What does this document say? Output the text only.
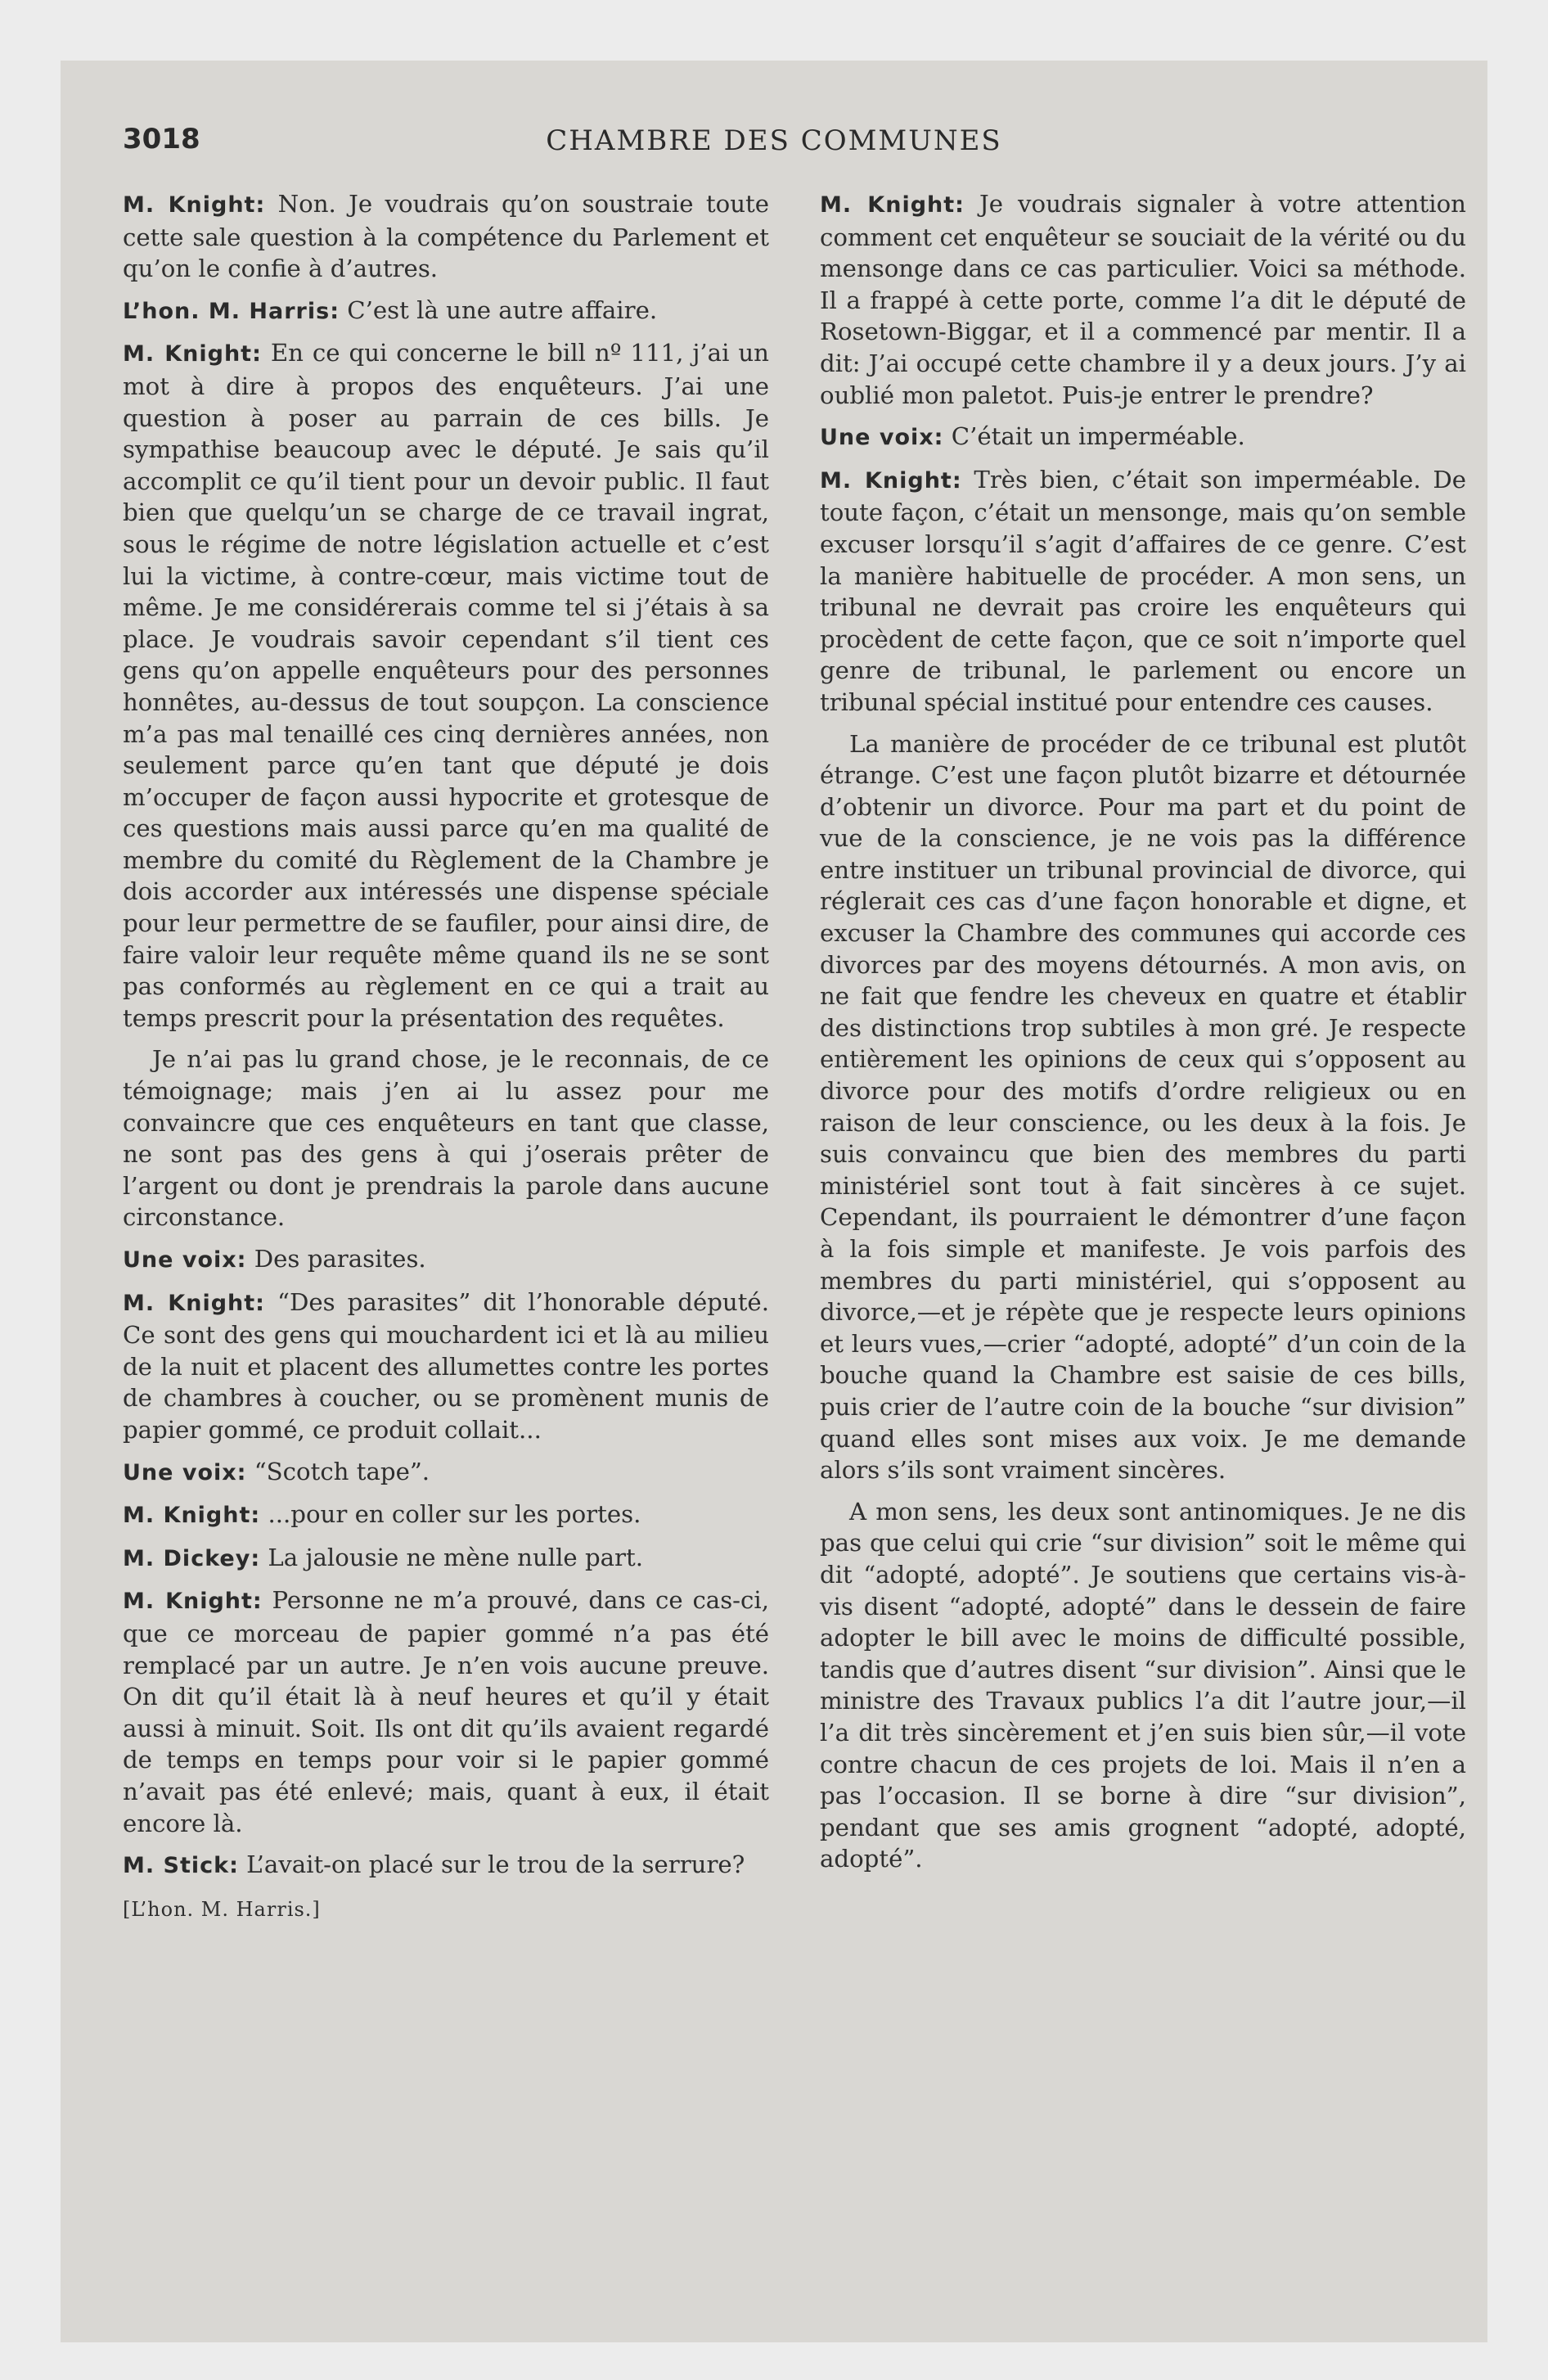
3018	CHAMBRE DES COMMUNES

M. Knight: Non. Je voudrais qu’on soustraie toute cette sale question à la compétence du Parlement et qu’on le confie à d’autres.

L’hon. M. Harris: C’est là une autre affaire.

M. Knight: En ce qui concerne le bill nº 111, j’ai un mot à dire à propos des enquêteurs. J’ai une question à poser au parrain de ces bills. Je sympathise beaucoup avec le député. Je sais qu’il accomplit ce qu’il tient pour un devoir public. Il faut bien que quelqu’un se charge de ce travail ingrat, sous le régime de notre législation actuelle et c’est lui la victime, à contre-cœur, mais victime tout de même. Je me considérerais comme tel si j’étais à sa place. Je voudrais savoir cependant s’il tient ces gens qu’on appelle enquêteurs pour des personnes honnêtes, au-dessus de tout soupçon. La conscience m’a pas mal tenaillé ces cinq dernières années, non seulement parce qu’en tant que député je dois m’occuper de façon aussi hypocrite et grotesque de ces questions mais aussi parce qu’en ma qualité de membre du comité du Règlement de la Chambre je dois accorder aux intéressés une dispense spéciale pour leur permettre de se faufiler, pour ainsi dire, de faire valoir leur requête même quand ils ne se sont pas conformés au règlement en ce qui a trait au temps prescrit pour la présentation des requêtes.

Je n’ai pas lu grand chose, je le reconnais, de ce témoignage; mais j’en ai lu assez pour me convaincre que ces enquêteurs en tant que classe, ne sont pas des gens à qui j’oserais prêter de l’argent ou dont je prendrais la parole dans aucune circonstance.

Une voix: Des parasites.

M. Knight: “Des parasites” dit l’honorable député. Ce sont des gens qui mouchardent ici et là au milieu de la nuit et placent des allumettes contre les portes de chambres à coucher, ou se promènent munis de papier gommé, ce produit collait...

Une voix: “Scotch tape”.

M. Knight: ...pour en coller sur les portes.

M. Dickey: La jalousie ne mène nulle part.

M. Knight: Personne ne m’a prouvé, dans ce cas-ci, que ce morceau de papier gommé n’a pas été remplacé par un autre. Je n’en vois aucune preuve. On dit qu’il était là à neuf heures et qu’il y était aussi à minuit. Soit. Ils ont dit qu’ils avaient regardé de temps en temps pour voir si le papier gommé n’avait pas été enlevé; mais, quant à eux, il était encore là.

M. Stick: L’avait-on placé sur le trou de la serrure?

[L’hon. M. Harris.]

M. Knight: Je voudrais signaler à votre attention comment cet enquêteur se souciait de la vérité ou du mensonge dans ce cas particulier. Voici sa méthode. Il a frappé à cette porte, comme l’a dit le député de Rosetown-Biggar, et il a commencé par mentir. Il a dit: J’ai occupé cette chambre il y a deux jours. J’y ai oublié mon paletot. Puis-je entrer le prendre?

Une voix: C’était un imperméable.

M. Knight: Très bien, c’était son imperméable. De toute façon, c’était un mensonge, mais qu’on semble excuser lorsqu’il s’agit d’affaires de ce genre. C’est la manière habituelle de procéder. A mon sens, un tribunal ne devrait pas croire les enquêteurs qui procèdent de cette façon, que ce soit n’importe quel genre de tribunal, le parlement ou encore un tribunal spécial institué pour entendre ces causes.

La manière de procéder de ce tribunal est plutôt étrange. C’est une façon plutôt bizarre et détournée d’obtenir un divorce. Pour ma part et du point de vue de la conscience, je ne vois pas la différence entre instituer un tribunal provincial de divorce, qui réglerait ces cas d’une façon honorable et digne, et excuser la Chambre des communes qui accorde ces divorces par des moyens détournés. A mon avis, on ne fait que fendre les cheveux en quatre et établir des distinctions trop subtiles à mon gré. Je respecte entièrement les opinions de ceux qui s’opposent au divorce pour des motifs d’ordre religieux ou en raison de leur conscience, ou les deux à la fois. Je suis convaincu que bien des membres du parti ministériel sont tout à fait sincères à ce sujet. Cependant, ils pourraient le démontrer d’une façon à la fois simple et manifeste. Je vois parfois des membres du parti ministériel, qui s’opposent au divorce,—et je répète que je respecte leurs opinions et leurs vues,—crier “adopté, adopté” d’un coin de la bouche quand la Chambre est saisie de ces bills, puis crier de l’autre coin de la bouche “sur division” quand elles sont mises aux voix. Je me demande alors s’ils sont vraiment sincères.

A mon sens, les deux sont antinomiques. Je ne dis pas que celui qui crie “sur division” soit le même qui dit “adopté, adopté”. Je soutiens que certains vis-à-vis disent “adopté, adopté” dans le dessein de faire adopter le bill avec le moins de difficulté possible, tandis que d’autres disent “sur division”. Ainsi que le ministre des Travaux publics l’a dit l’autre jour,—il l’a dit très sincèrement et j’en suis bien sûr,—il vote contre chacun de ces projets de loi. Mais il n’en a pas l’occasion. Il se borne à dire “sur division”, pendant que ses amis grognent “adopté, adopté, adopté”.
